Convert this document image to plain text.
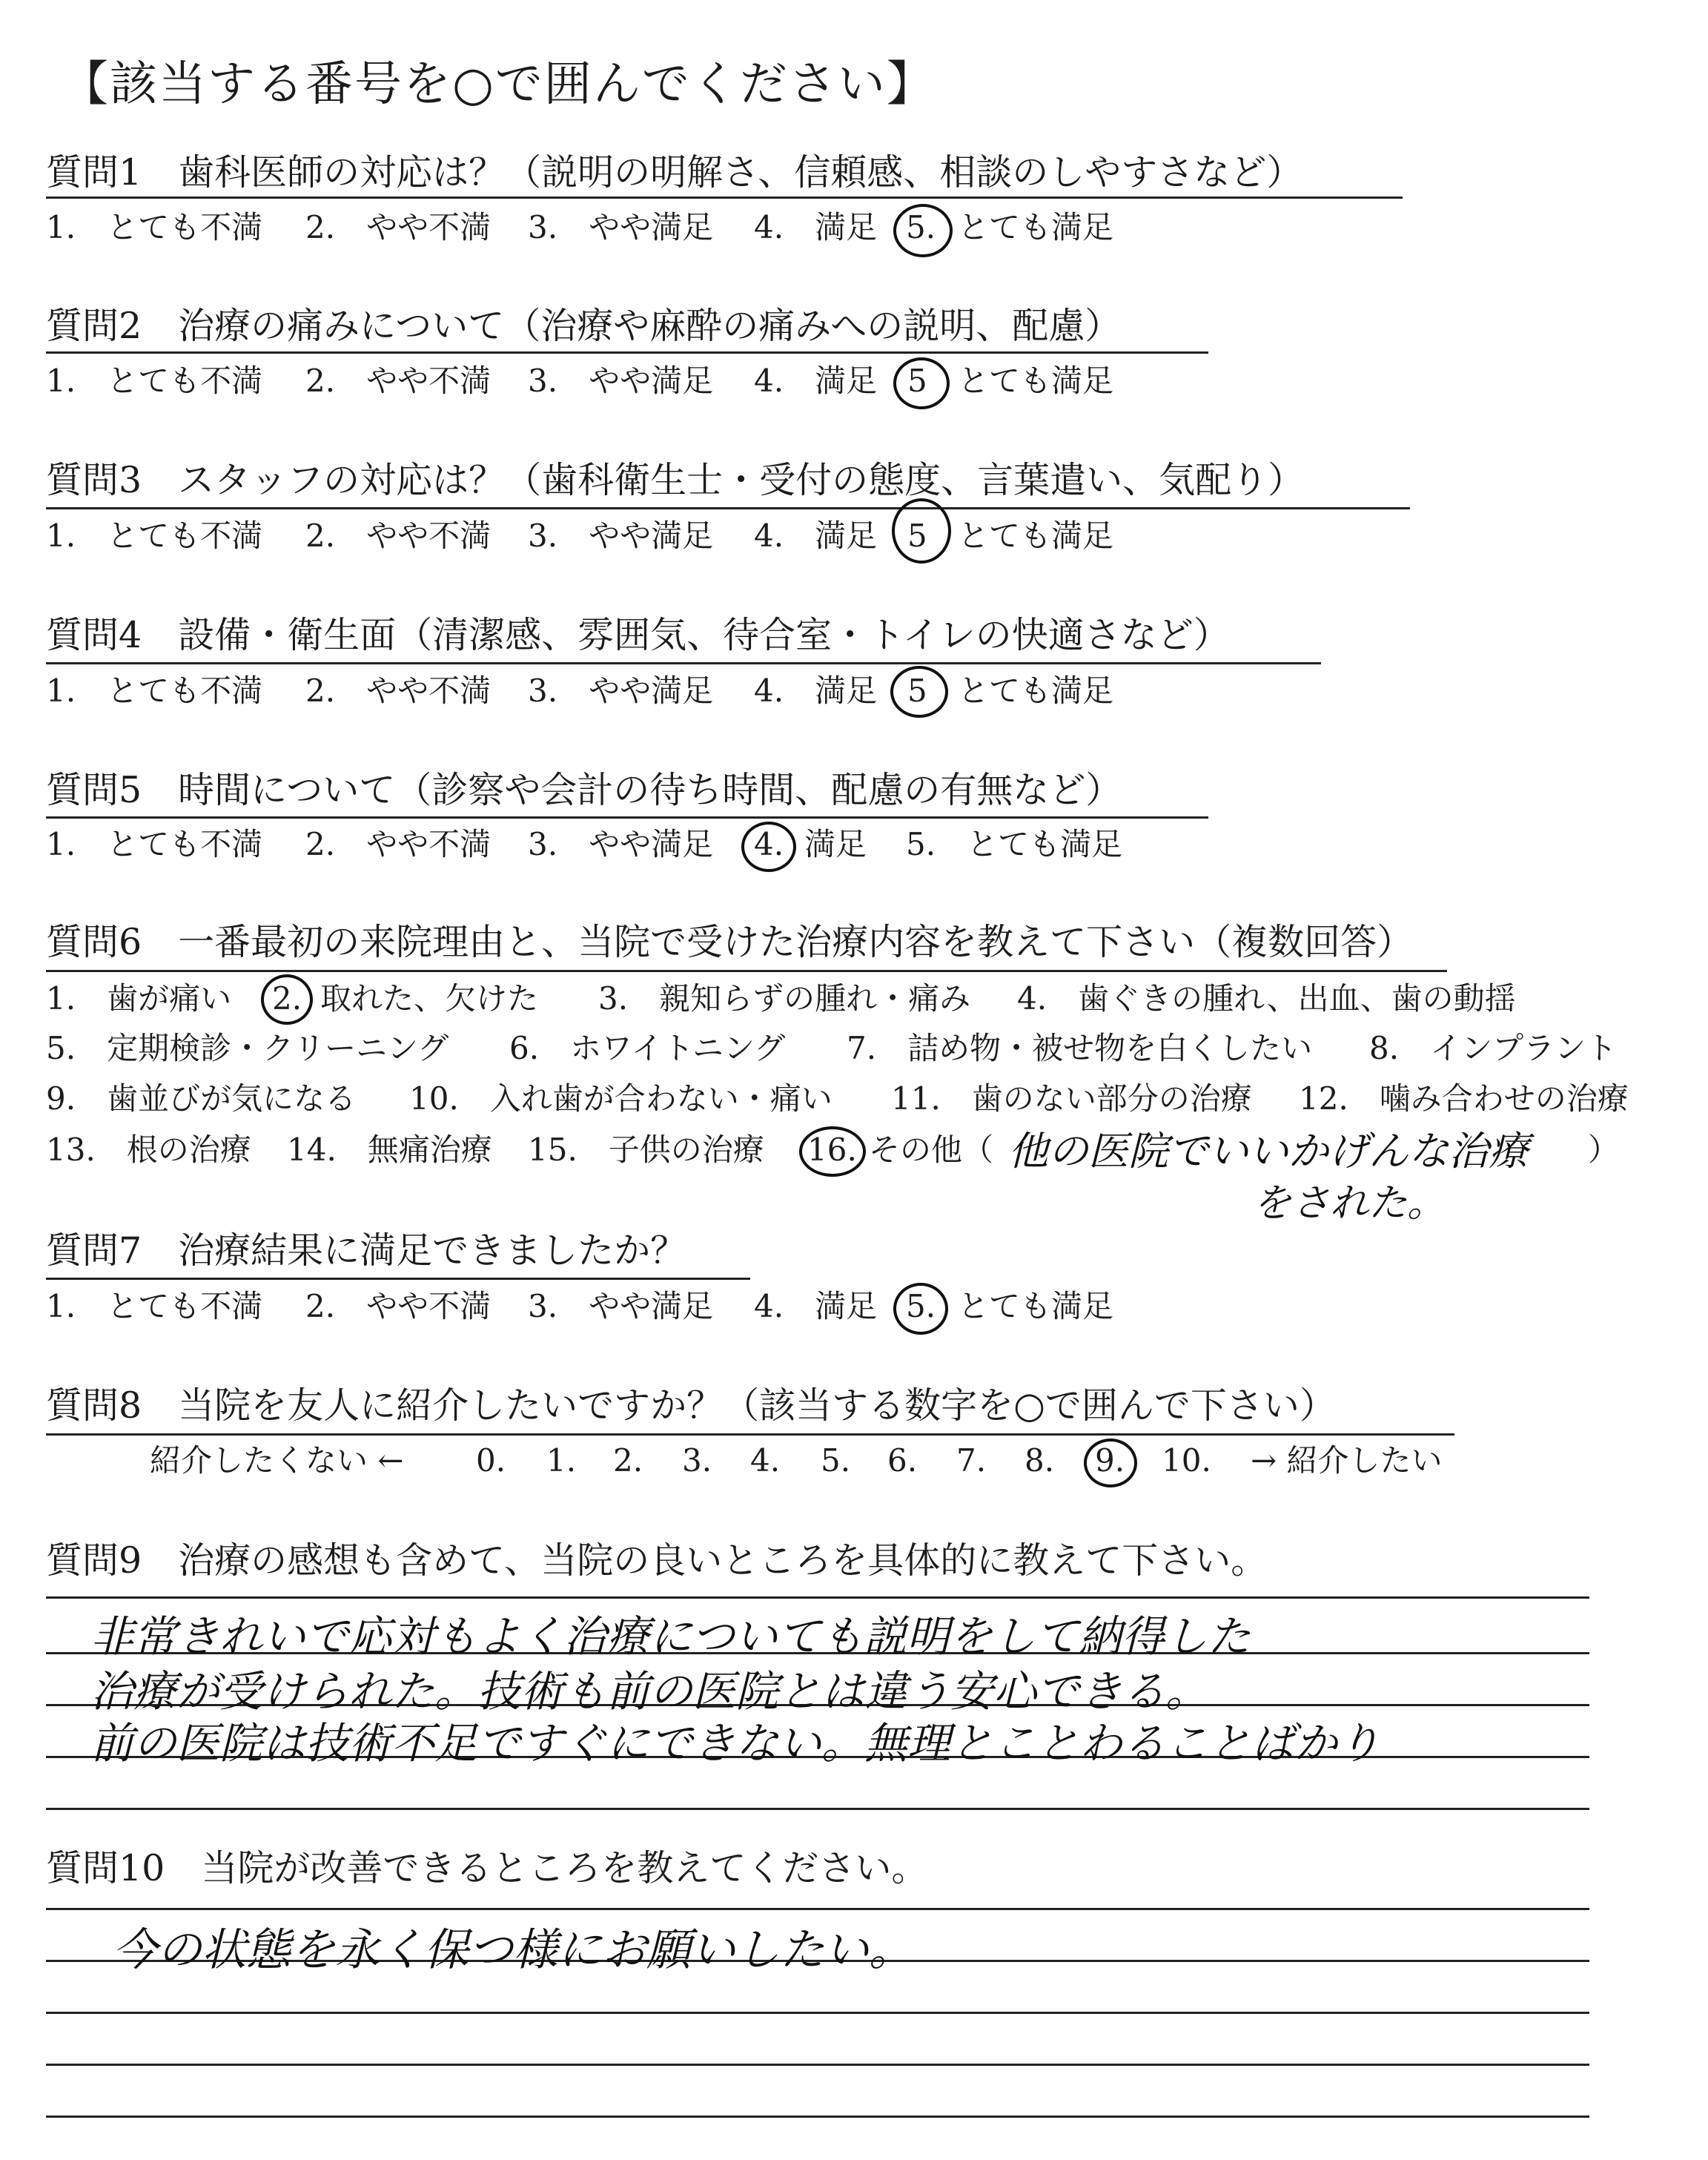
【該当する番号を○で囲んでください】
質問1　歯科医師の対応は？（説明の明解さ、信頼感、相談のしやすさなど）
1.　とても不満 2.　やや不満 3.　やや満足 4.　満足 5. とても満足
質問2　治療の痛みについて（治療や麻酔の痛みへの説明、配慮）
1.　とても不満 2.　やや不満 3.　やや満足 4.　満足 5 とても満足
質問3　スタッフの対応は？（歯科衛生士・受付の態度、言葉遣い、気配り）
1.　とても不満 2.　やや不満 3.　やや満足 4.　満足 5 とても満足
質問4　設備・衛生面（清潔感、雰囲気、待合室・トイレの快適さなど）
1.　とても不満 2.　やや不満 3.　やや満足 4.　満足 5 とても満足
質問5　時間について（診察や会計の待ち時間、配慮の有無など）
1.　とても不満 2.　やや不満 3.　やや満足 4. 満足 5.　とても満足
質問6　一番最初の来院理由と、当院で受けた治療内容を教えて下さい（複数回答）
1.　歯が痛い 2. 取れた、欠けた 3.　親知らずの腫れ・痛み 4.　歯ぐきの腫れ、出血、歯の動揺
5.　定期検診・クリーニング 6.　ホワイトニング 7.　詰め物・被せ物を白くしたい 8.　インプラント
9.　歯並びが気になる 10.　入れ歯が合わない・痛い 11.　歯のない部分の治療 12.　噛み合わせの治療
13.　根の治療 14.　無痛治療 15.　子供の治療 16. その他（ 他の医院でいいかげんな治療 ）
をされた。
質問7　治療結果に満足できましたか？
1.　とても不満 2.　やや不満 3.　やや満足 4.　満足 5. とても満足
質問8　当院を友人に紹介したいですか？（該当する数字を○で囲んで下さい）
紹介したくない ← 0. 1. 2. 3. 4. 5. 6. 7. 8. 9. 10. → 紹介したい
質問9　治療の感想も含めて、当院の良いところを具体的に教えて下さい。
非常きれいで応対もよく治療についても説明をして納得した
治療が受けられた。技術も前の医院とは違う安心できる。
前の医院は技術不足ですぐにできない。無理とことわることばかり
質問10　当院が改善できるところを教えてください。
今の状態を永く保つ様にお願いしたい。
